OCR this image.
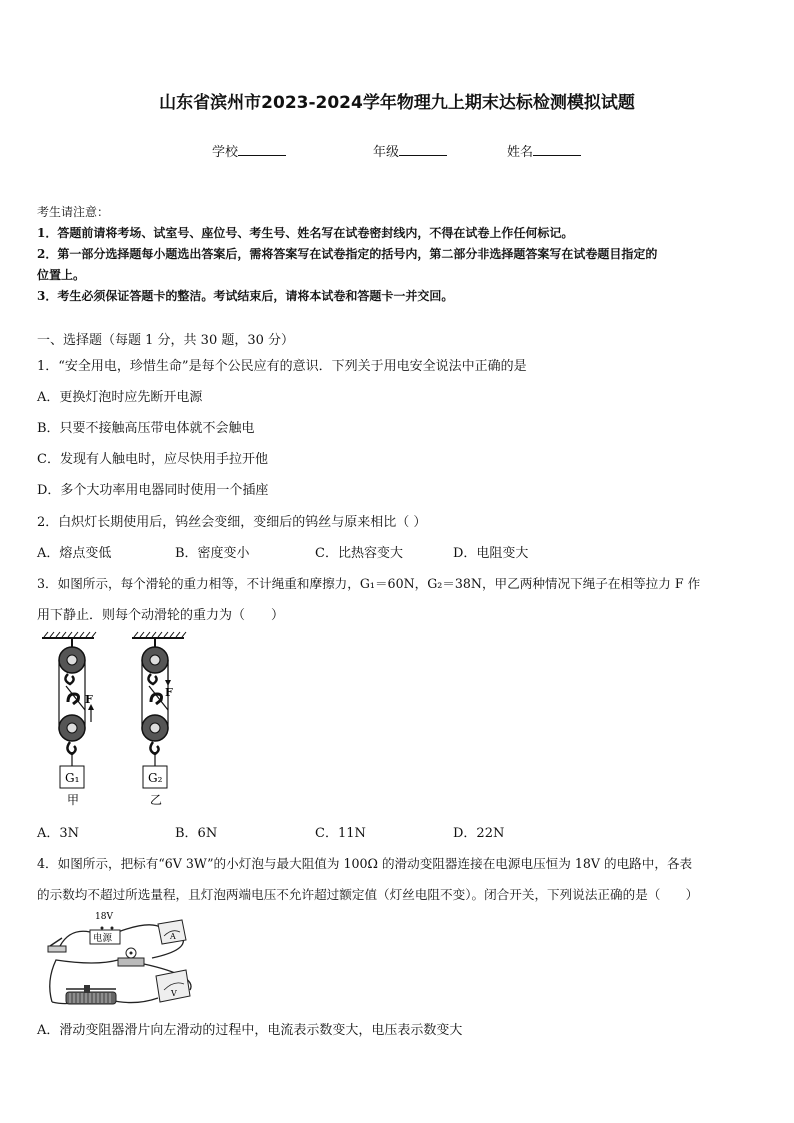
山东省滨州市2023-2024学年物理九上期末达标检测模拟试题
学校	年级	姓名
考生请注意：
1．答题前请将考场、试室号、座位号、考生号、姓名写在试卷密封线内，不得在试卷上作任何标记。
2．第一部分选择题每小题选出答案后，需将答案写在试卷指定的括号内，第二部分非选择题答案写在试卷题目指定的
位置上。
3．考生必须保证答题卡的整洁。考试结束后，请将本试卷和答题卡一并交回。
一、选择题（每题 1 分，共 30 题，30 分）
1．“安全用电，珍惜生命”是每个公民应有的意识．下列关于用电安全说法中正确的是
A．更换灯泡时应先断开电源
B．只要不接触高压带电体就不会触电
C．发现有人触电时，应尽快用手拉开他
D．多个大功率用电器同时使用一个插座
2．白炽灯长期使用后，钨丝会变细，变细后的钨丝与原来相比（ ）
A．熔点变低	B．密度变小	C．比热容变大	D．电阻变大
3．如图所示，每个滑轮的重力相等，不计绳重和摩擦力，G₁＝60N，G₂＝38N，甲乙两种情况下绳子在相等拉力 F 作
用下静止．则每个动滑轮的重力为（　　）
F
G₁
甲
F
G₂
乙
A．3N	B．6N	C．11N	D．22N
4．如图所示，把标有“6V 3W”的小灯泡与最大阻值为 100Ω 的滑动变阻器连接在电源电压恒为 18V 的电路中，各表
的示数均不超过所选量程，且灯泡两端电压不允许超过额定值（灯丝电阻不变）。闭合开关，下列说法正确的是（　　）
18V
电源	A
V
A．滑动变阻器滑片向左滑动的过程中，电流表示数变大，电压表示数变大
